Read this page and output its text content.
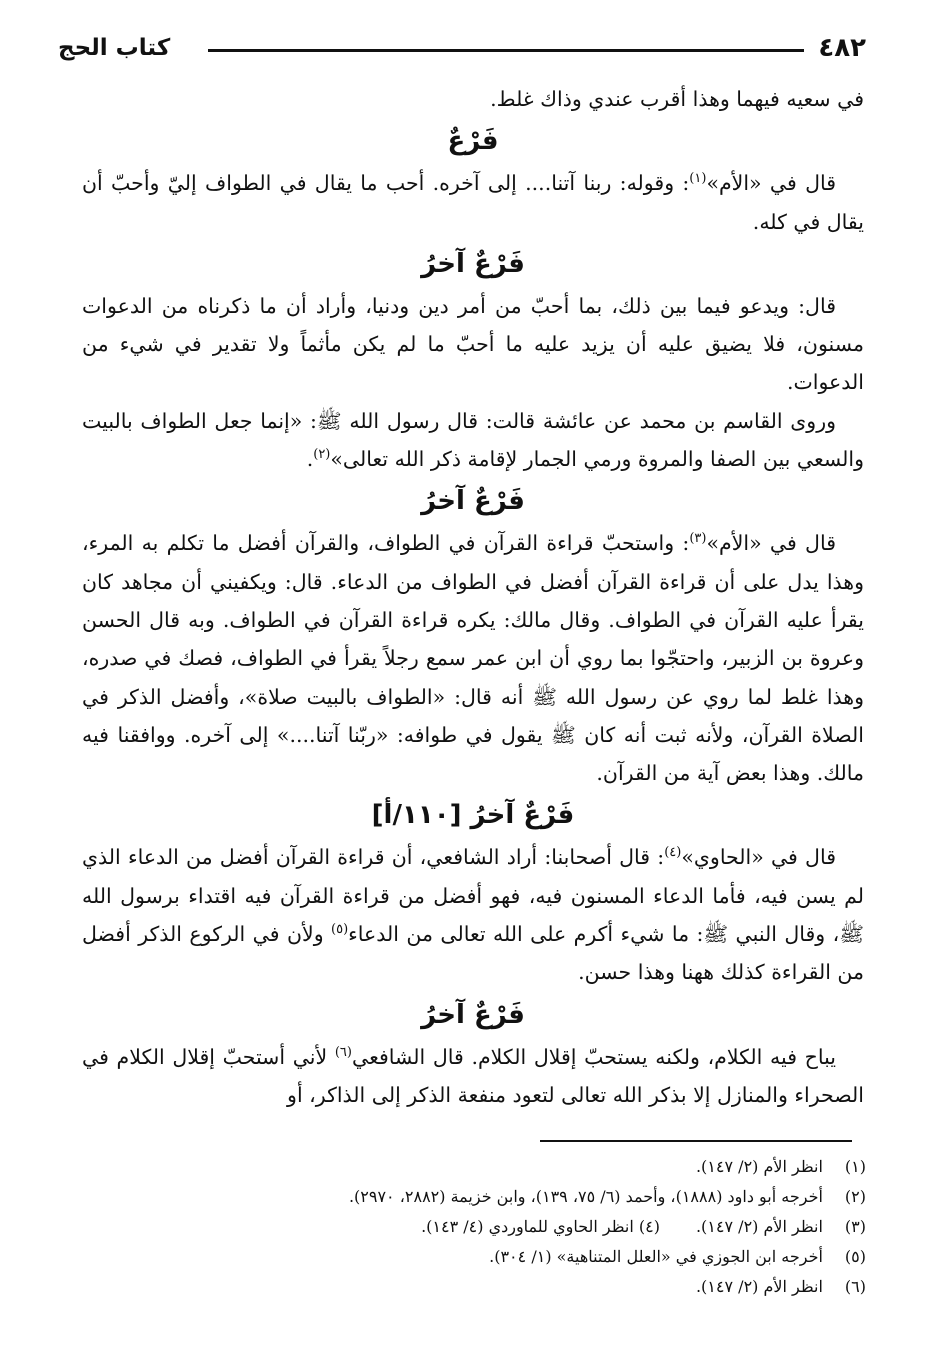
٤٨٢
كتاب الحج

في سعيه فيهما وهذا أقرب عندي وذاك غلط.

فَرْعٌ

قال في «الأم»$^{(١)}$: وقوله: ربنا آتنا.... إلى آخره. أحب ما يقال في الطواف إليّ وأحبّ أن يقال في كله.

فَرْعٌ آخرُ

قال: ويدعو فيما بين ذلك، بما أحبّ من أمر دين ودنيا، وأراد أن ما ذكرناه من الدعوات مسنون، فلا يضيق عليه أن يزيد عليه ما أحبّ ما لم يكن مأثماً ولا تقدير في شيء من الدعوات.

وروى القاسم بن محمد عن عائشة قالت: قال رسول الله ﷺ: «إنما جعل الطواف بالبيت والسعي بين الصفا والمروة ورمي الجمار لإقامة ذكر الله تعالى»$^{(٢)}$.

فَرْعٌ آخرُ

قال في «الأم»$^{(٣)}$: واستحبّ قراءة القرآن في الطواف، والقرآن أفضل ما تكلم به المرء، وهذا يدل على أن قراءة القرآن أفضل في الطواف من الدعاء. قال: ويكفيني أن مجاهد كان يقرأ عليه القرآن في الطواف. وقال مالك: يكره قراءة القرآن في الطواف. وبه قال الحسن وعروة بن الزبير، واحتجّوا بما روي أن ابن عمر سمع رجلاً يقرأ في الطواف، فصك في صدره، وهذا غلط لما روي عن رسول الله ﷺ أنه قال: «الطواف بالبيت صلاة»، وأفضل الذكر في الصلاة القرآن، ولأنه ثبت أنه كان ﷺ يقول في طوافه: «ربّنا آتنا....» إلى آخره. ووافقنا فيه مالك. وهذا بعض آية من القرآن.

فَرْعٌ آخرُ [١١٠/أ]

قال في «الحاوي»$^{(٤)}$: قال أصحابنا: أراد الشافعي، أن قراءة القرآن أفضل من الدعاء الذي لم يسن فيه، فأما الدعاء المسنون فيه، فهو أفضل من قراءة القرآن فيه اقتداء برسول الله ﷺ، وقال النبي ﷺ: ما شيء أكرم على الله تعالى من الدعاء$^{(٥)}$ ولأن في الركوع الذكر أفضل من القراءة كذلك ههنا وهذا حسن.

فَرْعٌ آخرُ

يباح فيه الكلام، ولكنه يستحبّ إقلال الكلام. قال الشافعي$^{(٦)}$ لأني أستحبّ إقلال الكلام في الصحراء والمنازل إلا بذكر الله تعالى لتعود منفعة الذكر إلى الذاكر، أو

(١) انظر الأم (٢/ ١٤٧).
(٢) أخرجه أبو داود (١٨٨٨)، وأحمد (٦/ ٧٥، ١٣٩)، وابن خزيمة (٢٨٨٢، ٢٩٧٠).
(٣) انظر الأم (٢/ ١٤٧).(٤) انظر الحاوي للماوردي (٤/ ١٤٣).
(٥) أخرجه ابن الجوزي في «العلل المتناهية» (١/ ٣٠٤).
(٦) انظر الأم (٢/ ١٤٧).
